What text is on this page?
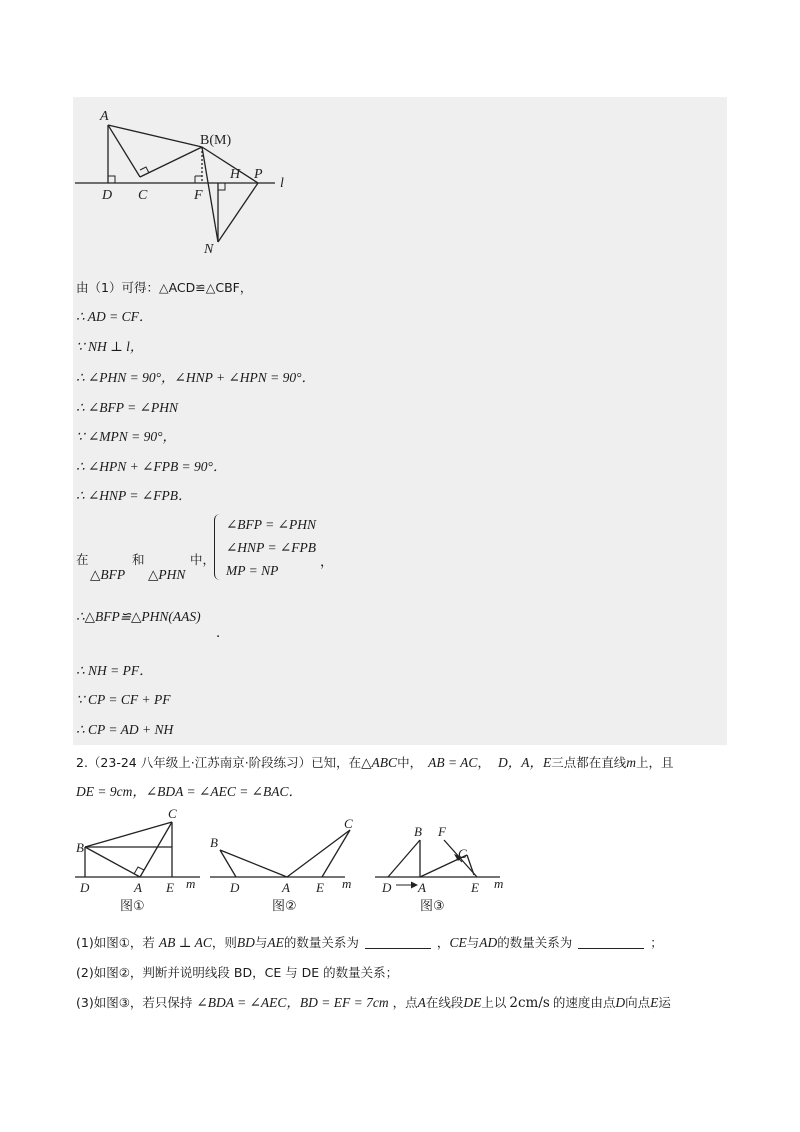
A
B(M)
D C	F
H P
l
N
由（1）可得：△ACD≌△CBF，
∴ AD = CF．
∵ NH ⊥ l，
∴ ∠PHN = 90°，∠HNP + ∠HPN = 90°．
∴ ∠BFP = ∠PHN
∵ ∠MPN = 90°，
∴ ∠HPN + ∠FPB = 90°．
∴ ∠HNP = ∠FPB．
在
△BFP
和
△PHN
中，
∠BFP = ∠PHN
∠HNP = ∠FPB
MP = NP
，
∴△BFP≌△PHN(AAS)
．
∴ NH = PF．
∵ CP = CF + PF
∴ CP = AD + NH
2.（23-24 八年级上·江苏南京·阶段练习）已知，在△ABC中， AB = AC， D，A，E三点都在直线m上，且
DE = 9cm，∠BDA = ∠AEC = ∠BAC．
B
C
D	A E m
B
C
D	A E m
B F
C
D A	E m
图①	图②	图③
(1)如图①，若 AB ⊥ AC，则BD与AE的数量关系为	，CE与AD的数量关系为	；
(2)如图②，判断并说明线段 BD，CE 与 DE 的数量关系；
(3)如图③，若只保持 ∠BDA = ∠AEC，BD = EF = 7cm ，点A在线段DE上以 2cm/s 的速度由点D向点E运
